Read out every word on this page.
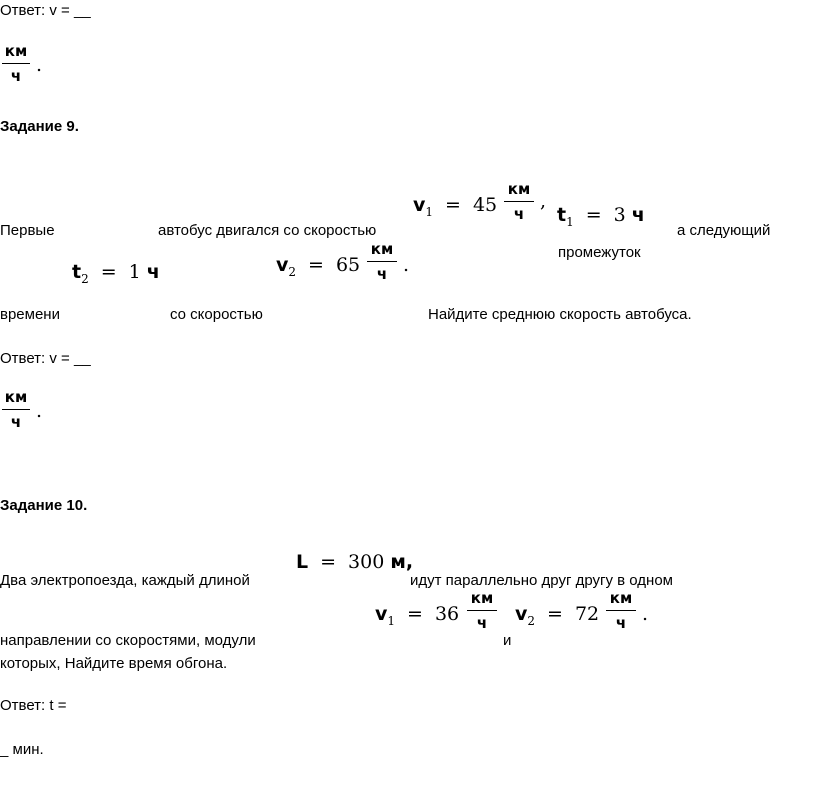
Ответ: v = __
км
ч .
Задание 9.
$v_1 = 45$
км
ч
,
$t_1 = 3$ ч
Первые	автобус двигался со скоростью	а следующий
промежуток
$t_2 = 1$ ч	$v_2 = 65$
км
ч .
времени	со скоростью	Найдите среднюю скорость автобуса.
Ответ: v = __
км
ч .
Задание 10.
L = 300 м,
Два электропоезда, каждый длиной	идут параллельно друг другу в одном
$v_1 = 36$
км
ч	$v_2 = 72$
км
ч .
направлении со скоростями, модули	и
которых, Найдите время обгона.
Ответ: t =
_ мин.
